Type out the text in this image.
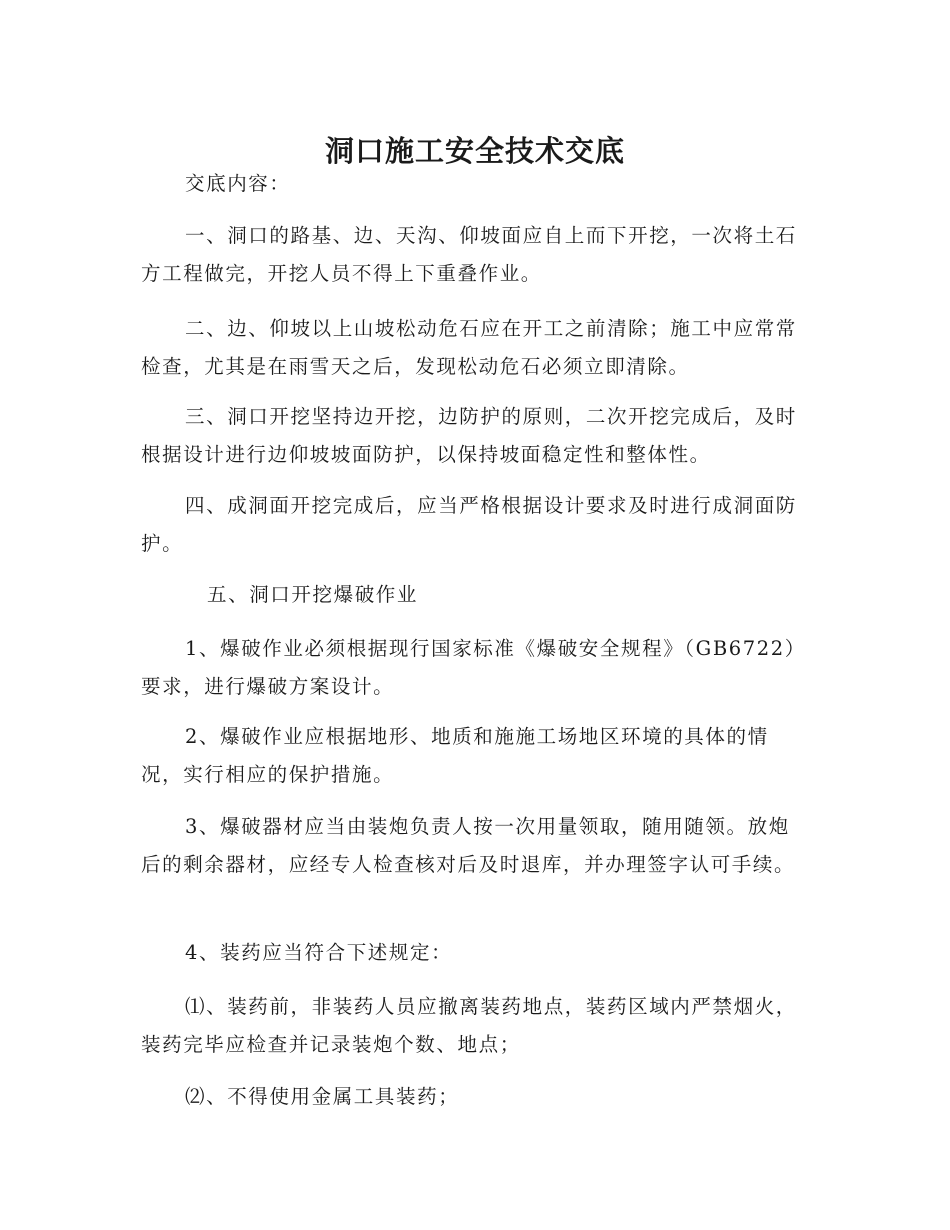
洞口施工安全技术交底

交底内容：

一、洞口的路基、边、天沟、仰坡面应自上而下开挖，一次将土石方工程做完，开挖人员不得上下重叠作业。

二、边、仰坡以上山坡松动危石应在开工之前清除；施工中应常常检查，尤其是在雨雪天之后，发现松动危石必须立即清除。

三、洞口开挖坚持边开挖，边防护的原则，二次开挖完成后，及时根据设计进行边仰坡坡面防护，以保持坡面稳定性和整体性。

四、成洞面开挖完成后，应当严格根据设计要求及时进行成洞面防护。

五、洞口开挖爆破作业

1、爆破作业必须根据现行国家标准《爆破安全规程》（GB6722）要求，进行爆破方案设计。

2、爆破作业应根据地形、地质和施施工场地区环境的具体的情况，实行相应的保护措施。

3、爆破器材应当由装炮负责人按一次用量领取，随用随领。放炮后的剩余器材，应经专人检查核对后及时退库，并办理签字认可手续。

4、装药应当符合下述规定：

⑴、装药前，非装药人员应撤离装药地点，装药区域内严禁烟火，装药完毕应检查并记录装炮个数、地点；

⑵、不得使用金属工具装药；
